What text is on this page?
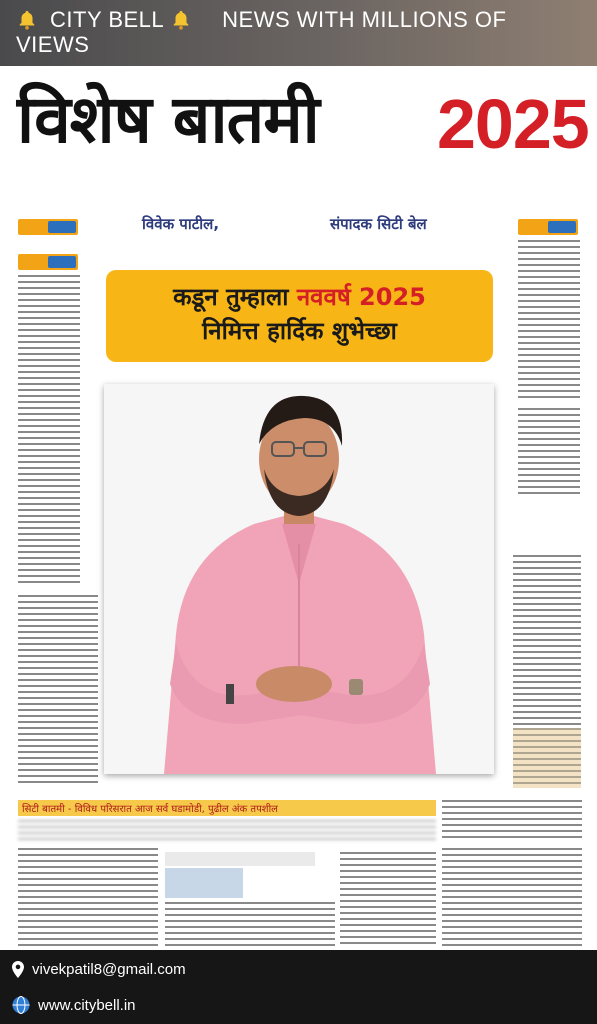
CITY BELL	NEWS WITH MILLIONS OF
VIEWS
विशेष बातमी 2025
विवेक पाटील,	संपादक सिटी बेल
कडून तुम्हाला नववर्ष 2025
निमित्त हार्दिक शुभेच्छा
सिटी बातमी - विविध परिसरात आज सर्व घडामोडी, पुढील अंक तपशील
vivekpatil8@gmail.com
www.citybell.in
